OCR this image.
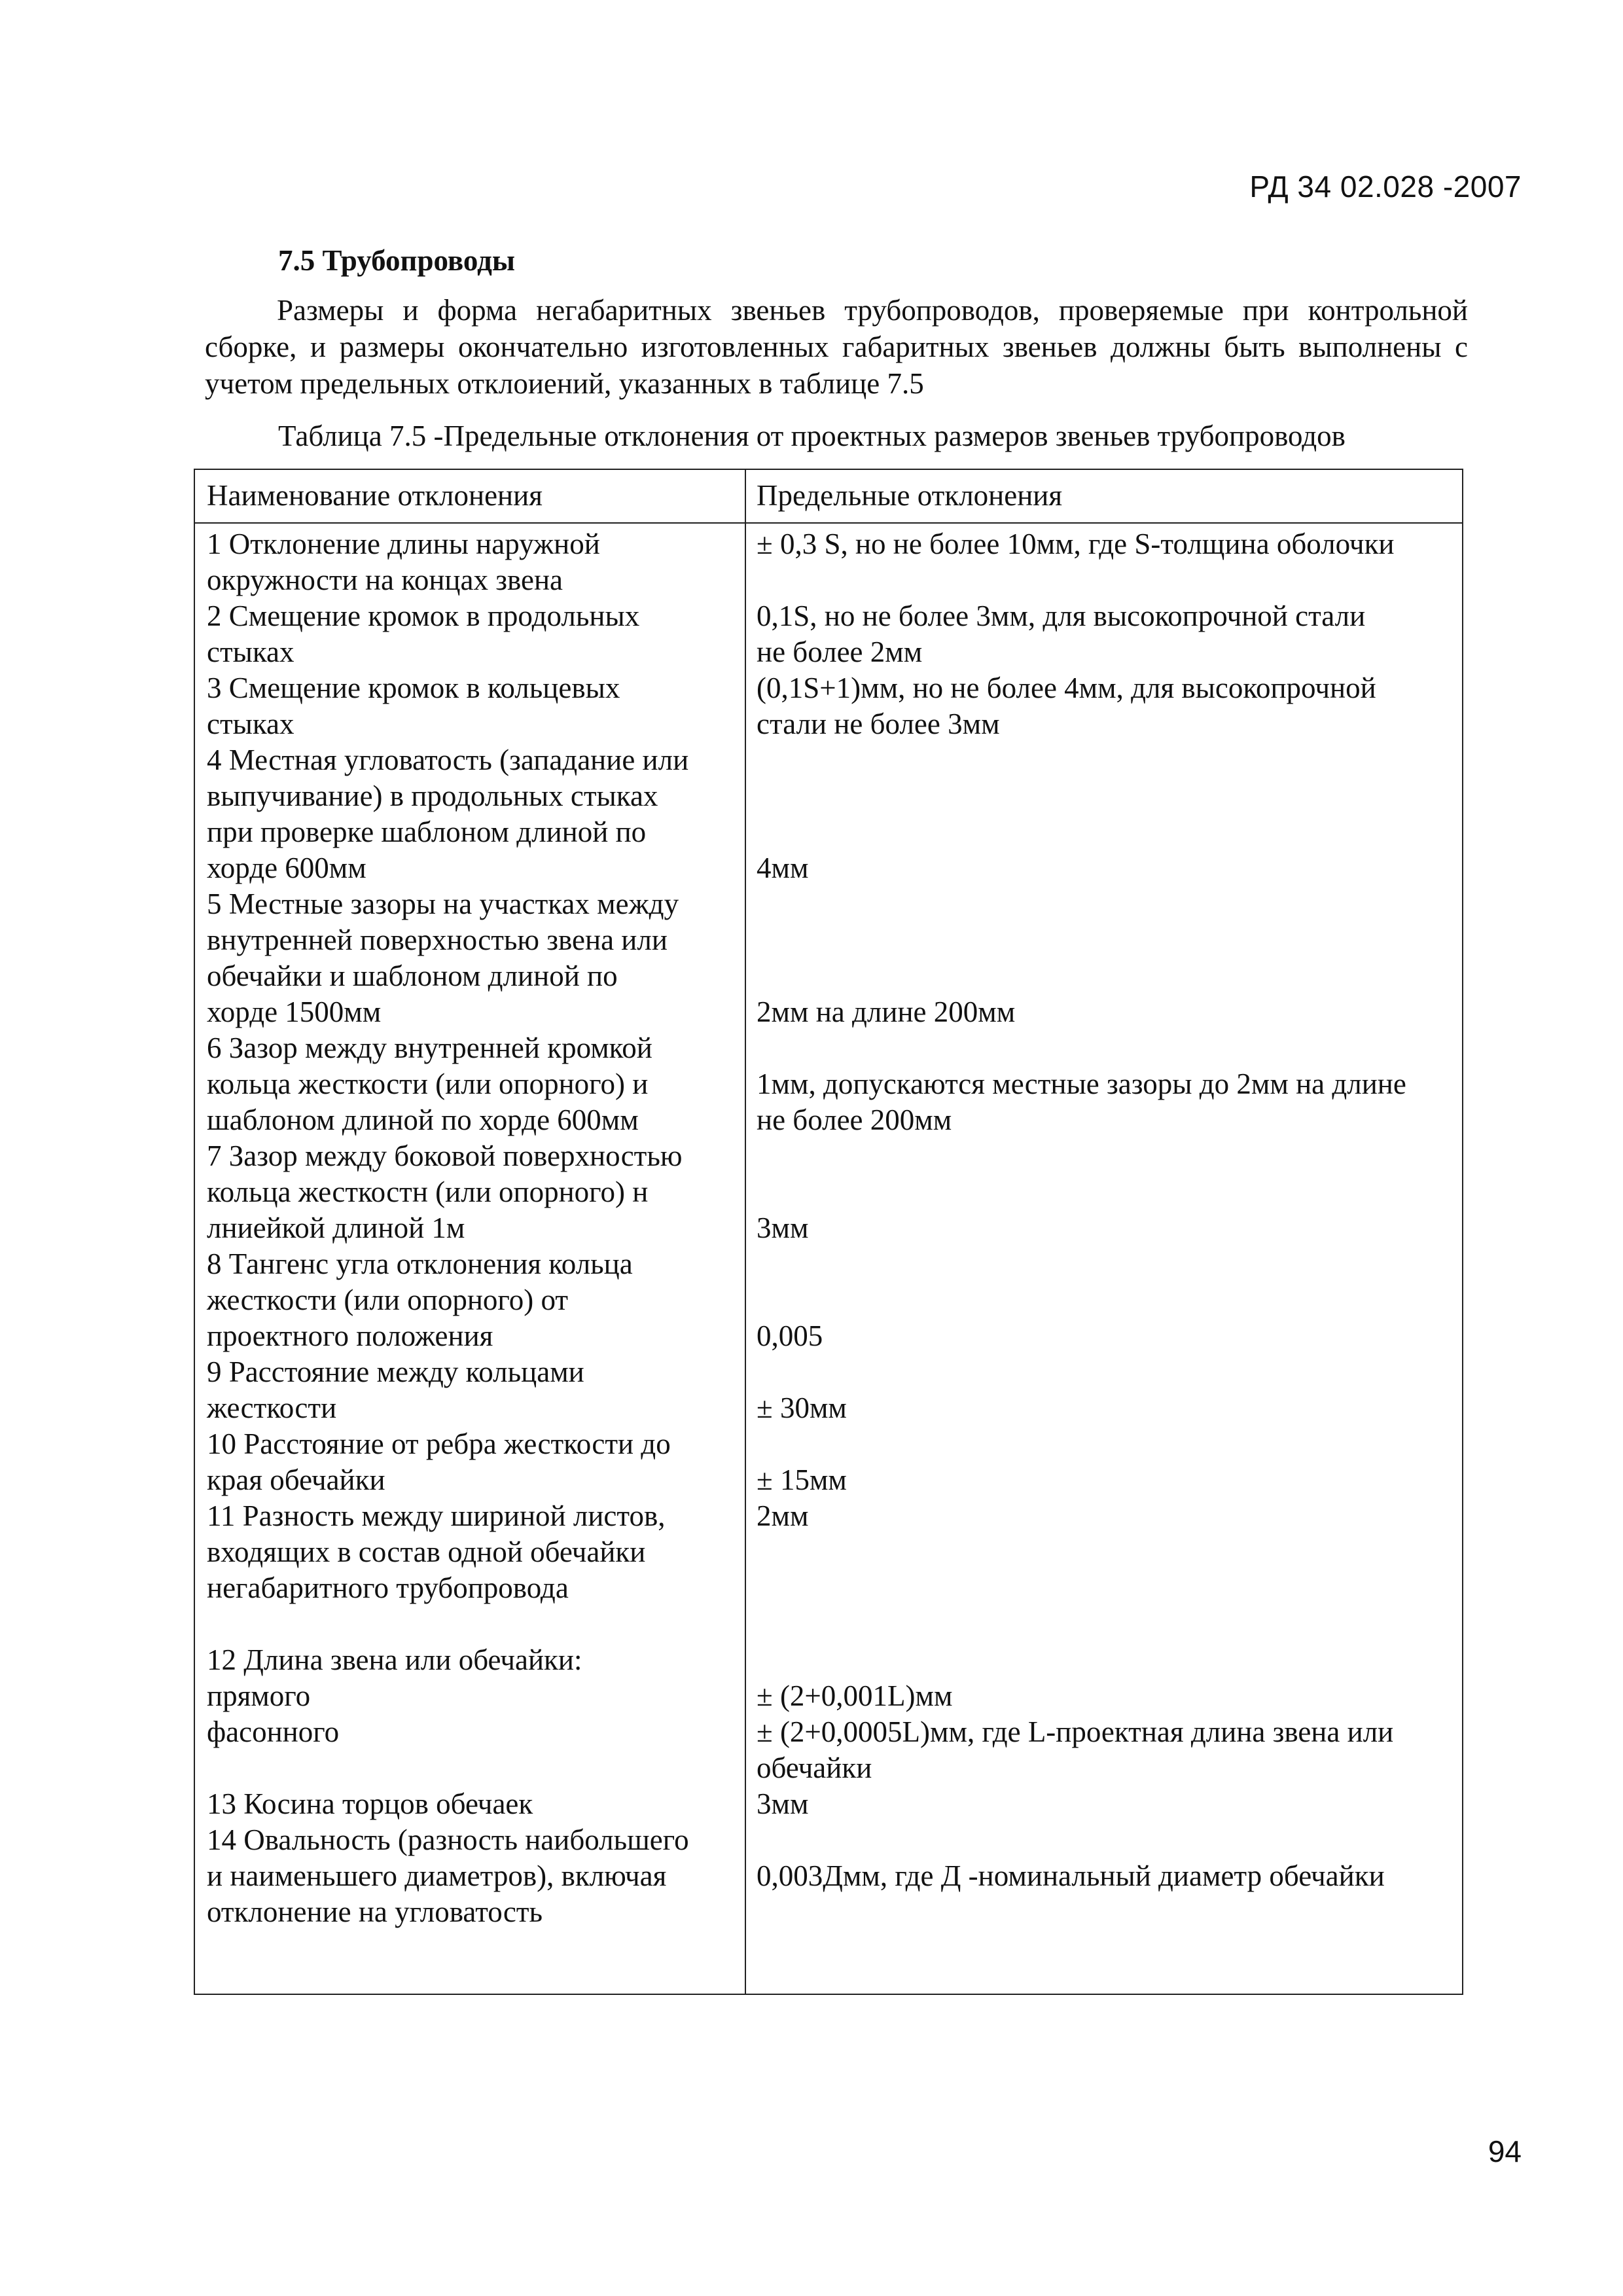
РД 34 02.028 -2007
7.5 Трубопроводы
Размеры и форма негабаритных звеньев трубопроводов, проверяемые при контрольной сборке, и размеры окончательно изготовленных габаритных звеньев должны быть выполнены с учетом предельных отклоиений, указанных в таблице 7.5
Таблица 7.5 -Предельные отклонения от проектных размеров звеньев трубопроводов
Наименование отклонения	Предельные отклонения
1 Отклонение длины наружной
окружности на концах звена
2 Смещение кромок в продольных
стыках
3 Смещение кромок в кольцевых
стыках
4 Местная угловатость (западание или
выпучивание) в продольных стыках
при проверке шаблоном длиной по
хорде 600мм
5 Местные зазоры на участках между
внутренней поверхностью звена или
обечайки и шаблоном длиной по
хорде 1500мм
6 Зазор между внутренней кромкой
кольца жесткости (или опорного) и
шаблоном длиной по хорде 600мм
7 Зазор между боковой поверхностью
кольца жесткостн (или опорного) н
лниейкой длиной 1м
8 Тангенс угла отклонения кольца
жесткости (или опорного) от
проектного положения
9 Расстояние между кольцами
жесткости
10 Расстояние от ребра жесткости до
края обечайки
11 Разность между шириной листов,
входящих в состав одной обечайки
негабаритного трубопровода
12 Длина звена или обечайки:
прямого
фасонного
13 Косина торцов обечаек
14 Овальность (разность наибольшего
и наименьшего диаметров), включая
отклонение на угловатость
± 0,3 S, но не более 10мм, где S-толщина оболочки
0,1S, но не более 3мм, для высокопрочной стали
не более 2мм
(0,1S+1)мм, но не более 4мм, для высокопрочной
стали не более 3мм
4мм
2мм на длине 200мм
1мм, допускаются местные зазоры до 2мм на длине
не более 200мм
3мм
0,005
± 30мм
± 15мм
2мм
± (2+0,001L)мм
± (2+0,0005L)мм, где L-проектная длина звена или
обечайки
3мм
0,003Дмм, где Д -номинальный диаметр обечайки
94
